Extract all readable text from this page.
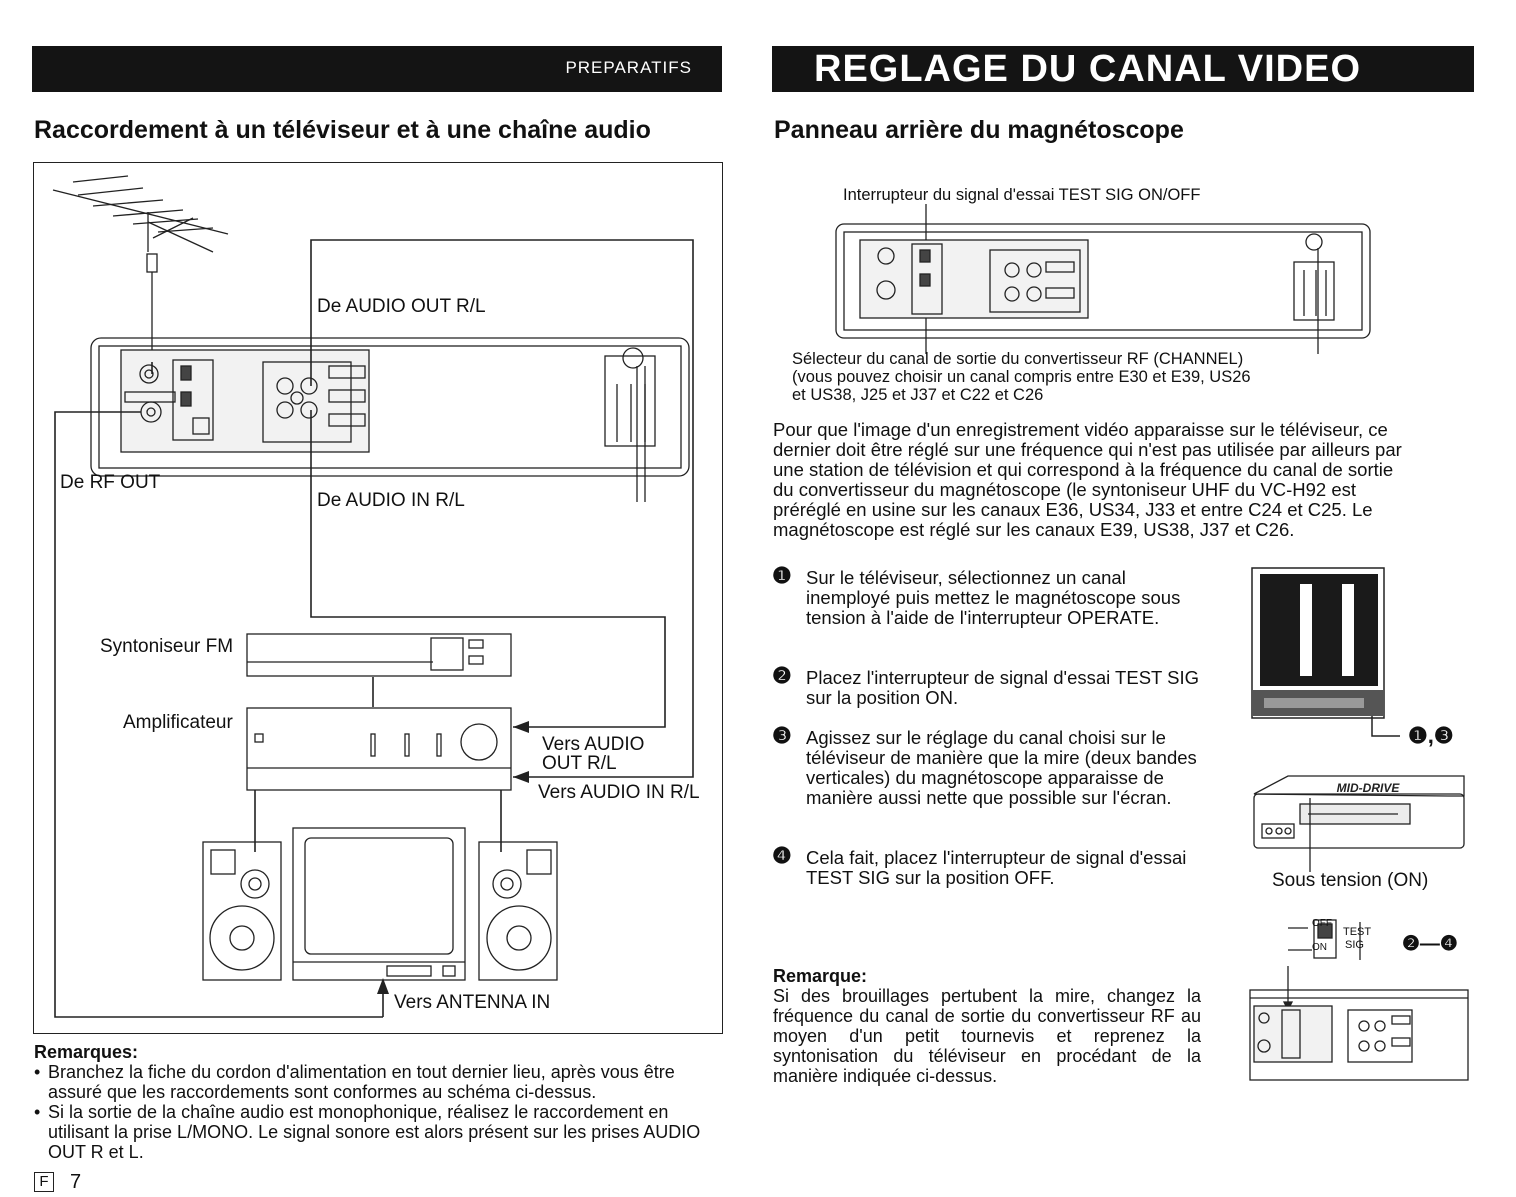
PREPARATIFS	REGLAGE DU CANAL VIDEO
Raccordement à un téléviseur et à une chaîne audio
De AUDIO OUT R/L
De RF OUT
De AUDIO IN R/L
Syntoniseur FM
Amplificateur
Vers AUDIO
OUT R/L
Vers AUDIO IN R/L
Vers ANTENNA IN
Remarques:
• Branchez la fiche du cordon d'alimentation en tout dernier lieu, après vous être assuré que les raccordements sont conformes au schéma ci-dessus.
• Si la sortie de la chaîne audio est monophonique, réalisez le raccordement en utilisant la prise L/MONO. Le signal sonore est alors présent sur les prises AUDIO OUT R et L.
F 7
Panneau arrière du magnétoscope
Interrupteur du signal d'essai TEST SIG ON/OFF
Sélecteur du canal de sortie du convertisseur RF (CHANNEL)
(vous pouvez choisir un canal compris entre E30 et E39, US26
et US38, J25 et J37 et C22 et C26
Pour que l'image d'un enregistrement vidéo apparaisse sur le téléviseur, ce
dernier doit être réglé sur une fréquence qui n'est pas utilisée par ailleurs par
une station de télévision et qui correspond à la fréquence du canal de sortie
du convertisseur du magnétoscope (le syntoniseur UHF du VC-H92 est
préréglé en usine sur les canaux E36, US34, J33 et entre C24 et C25. Le
magnétoscope est réglé sur les canaux E39, US38, J37 et C26.
❶ Sur le téléviseur, sélectionnez un canal inemployé puis mettez le magnétoscope sous tension à l'aide de l'interrupteur OPERATE.
❷ Placez l'interrupteur de signal d'essai TEST SIG sur la position ON.
❸ Agissez sur le réglage du canal choisi sur le téléviseur de manière que la mire (deux bandes verticales) du magnétoscope apparaisse de manière aussi nette que possible sur l'écran.
❹ Cela fait, placez l'interrupteur de signal d'essai TEST SIG sur la position OFF.
❶,❸
MID-DRIVE
Sous tension (ON)
OFF
ON
TEST
SIG ❷—❹
Remarque:
Si des brouillages pertubent la mire, changez la fréquence du canal de sortie du convertisseur RF au moyen d'un petit tournevis et reprenez la syntonisation du téléviseur en procédant de la manière indiquée ci-dessus.
